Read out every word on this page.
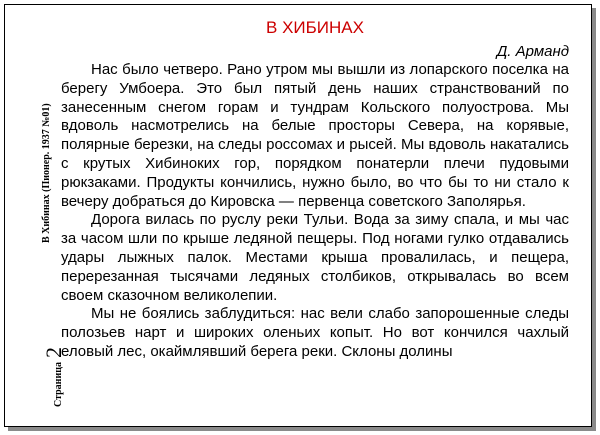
В Хибинах (Пионер. 1937 №01)
Страница2
В ХИБИНАХ
Д. Арманд

Нас было четверо. Рано утром мы вышли из лопарского поселка на берегу Умбоера. Это был пятый день наших странствований по занесенным снегом горам и тундрам Кольского полуострова. Мы вдоволь насмотрелись на белые просторы Севера, на корявые, полярные березки, на следы россомах и рысей. Мы вдоволь накатались с крутых Хибиноких гор, порядком понатерли плечи пудовыми рюкзаками. Продукты кончились, нужно было, во что бы то ни стало к вечеру добраться до Кировска — первенца советского Заполярья.

Дорога вилась по руслу реки Тульи. Вода за зиму спала, и мы час за часом шли по крыше ледяной пещеры. Под ногами гулко отдавались удары лыжных палок. Местами крыша провалилась, и пещера, перерезанная тысячами ледяных столбиков, открывалась во всем своем сказочном великолепии.

Мы не боялись заблудиться: нас вели слабо запорошенные следы полозьев нарт и широких оленьих копыт. Но вот кончился чахлый еловый лес, окаймлявший берега реки. Склоны долины
